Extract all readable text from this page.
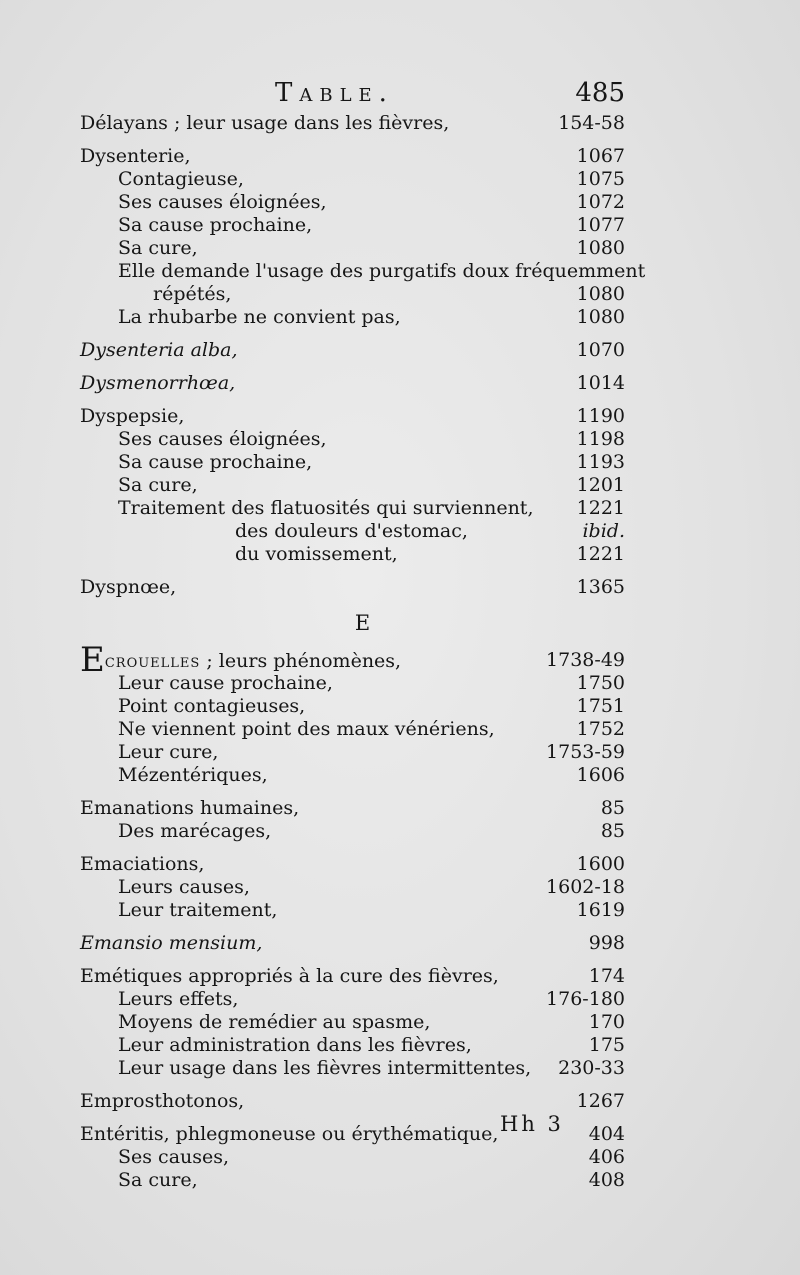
Table.	485
Délayans ; leur usage dans les fièvres,	154-58
Dysenterie,	1067
Contagieuse,	1075
Ses causes éloignées,	1072
Sa cause prochaine,	1077
Sa cure,	1080
Elle demande l'usage des purgatifs doux fréquemment
répétés,	1080
La rhubarbe ne convient pas,	1080
Dysenteria alba,	1070
Dysmenorrhœa,	1014
Dyspepsie,	1190
Ses causes éloignées,	1198
Sa cause prochaine,	1193
Sa cure,	1201
Traitement des flatuosités qui surviennent, 1221
des douleurs d'estomac,	ibid.
du vomissement,	1221
Dyspnœe,	1365
E
Ecrouelles ; leurs phénomènes,	1738-49
Leur cause prochaine,	1750
Point contagieuses,	1751
Ne viennent point des maux vénériens,	1752
Leur cure,	1753-59
Mézentériques,	1606
Emanations humaines,	85
Des marécages,	85
Emaciations,	1600
Leurs causes,	1602-18
Leur traitement,	1619
Emansio mensium,	998
Emétiques appropriés à la cure des fièvres,	174
Leurs effets,	176-180
Moyens de remédier au spasme,	170
Leur administration dans les fièvres,	175
Leur usage dans les fièvres intermittentes, 230-33
Emprosthotonos,	1267
Entéritis, phlegmoneuse ou érythématique,	404
Ses causes,	406
Sa cure,	408
Hh 3
